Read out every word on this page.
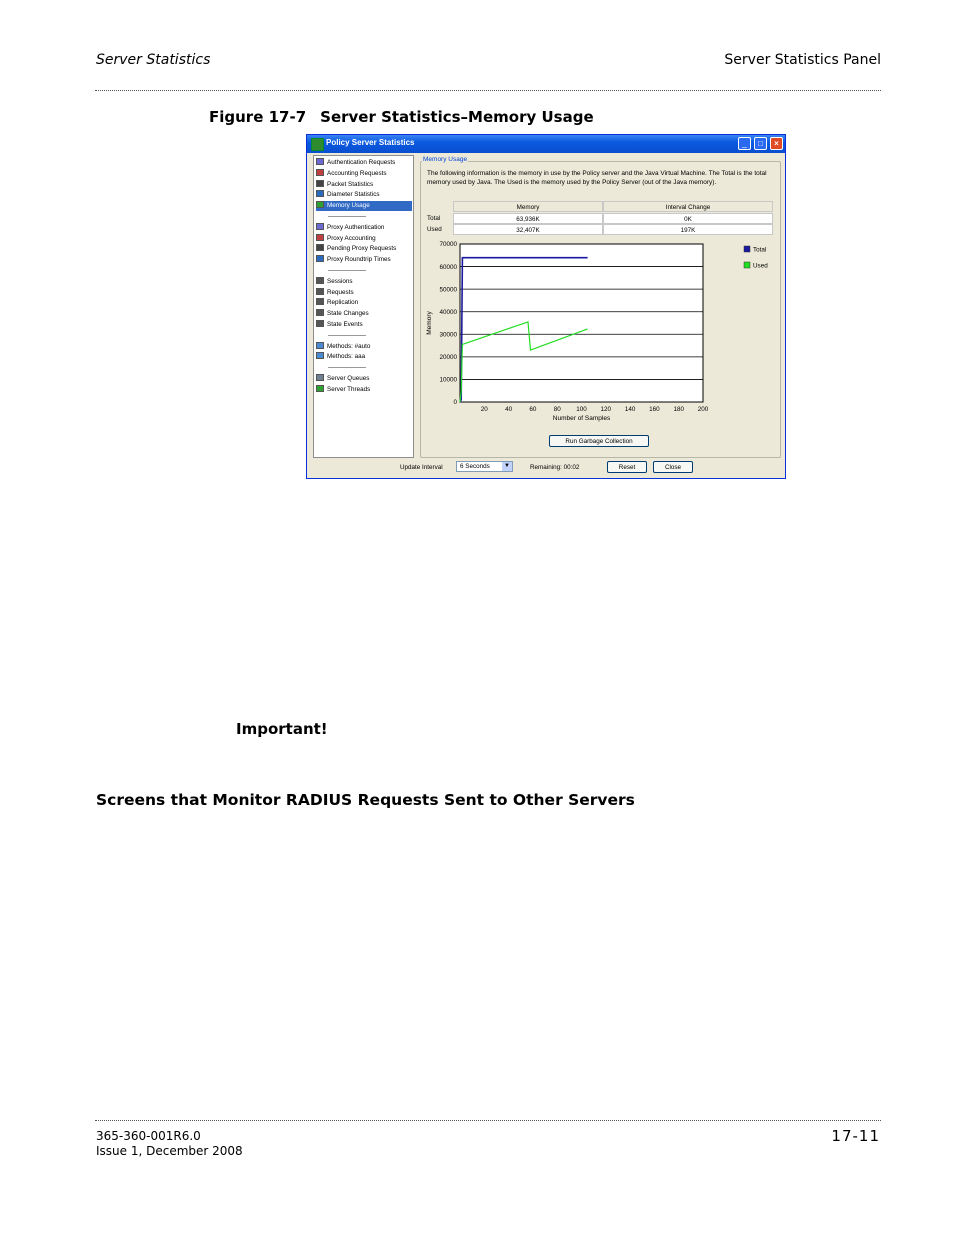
Server Statistics	Server Statistics Panel
Figure 17-7 Server Statistics–Memory Usage
Policy Server Statistics	_	□	×
Authentication Requests
Accounting Requests
Packet Statistics
Diameter Statistics
Memory Usage
Proxy Authentication
Proxy Accounting
Pending Proxy Requests
Proxy Roundtrip Times
Sessions
Requests
Replication
State Changes
State Events
Methods: #auto
Methods: aaa
Server Queues
Server Threads
Memory Usage
The following information is the memory in use by the Policy server and the Java Virtual Machine. The Total is the total memory used by Java. The Used is the memory used by the Policy Server (out of the Java memory).
Memory	Interval Change
Total	63,936K	0K
Used	32,407K	197K
0
10000
20000
30000
40000
50000
60000
70000
20	40	60	80 100 120 140 160 180 200
Number of Samples
Memory
Total
Used
Run Garbage Collection
Update Interval	6 Seconds	▼	Remaining: 00:02	Reset	Close
Important!
Screens that Monitor RADIUS Requests Sent to Other Servers
365-360-001R6.0
Issue 1, December 2008
17-11
